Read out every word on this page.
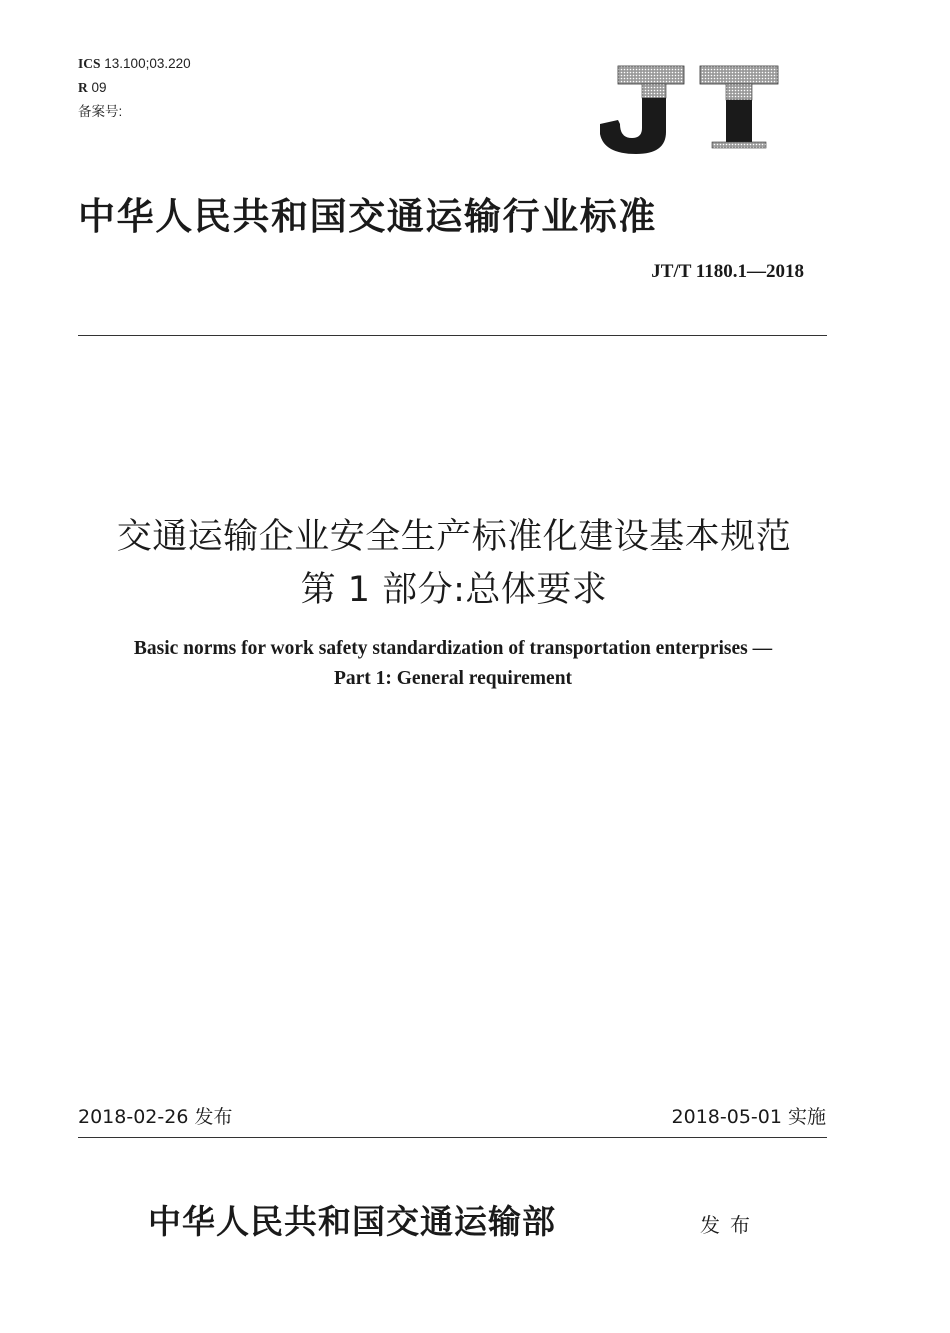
ICS 13.100;03.220
R 09
备案号:
中华人民共和国交通运输行业标准
JT/T 1180.1—2018
交通运输企业安全生产标准化建设基本规范
第 1 部分:总体要求
Basic norms for work safety standardization of transportation enterprises —
Part 1: General requirement
2018-02-26 发布	2018-05-01 实施
中华人民共和国交通运输部	发布
